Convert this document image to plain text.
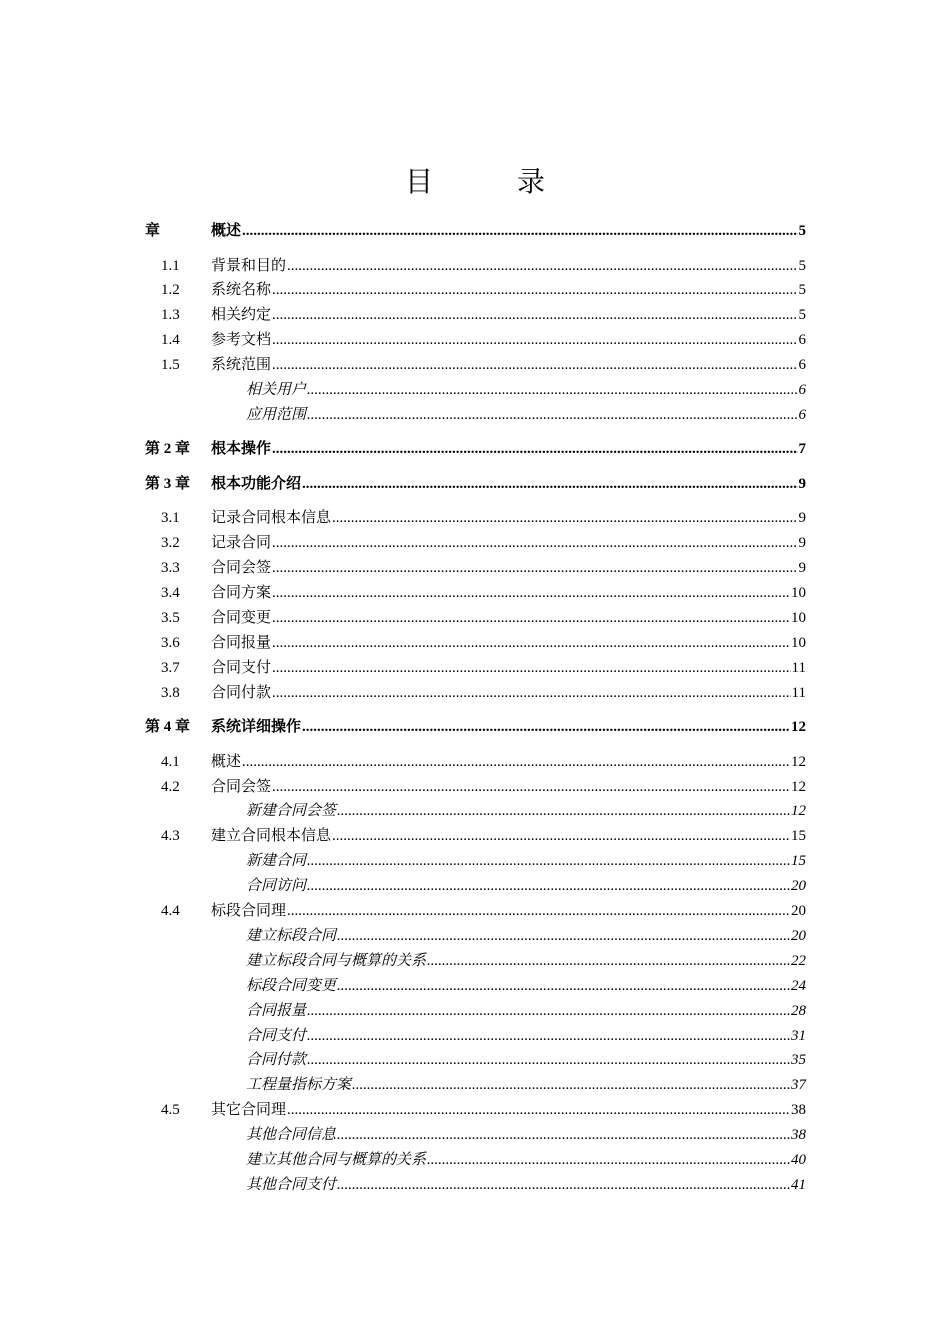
目　录
章	概述 .....	5
1.1 背景和目的 .....	5
1.2 系统名称 .....	5
1.3 相关约定 .....	5
1.4 参考文档 .....	6
1.5 系统范围 .....	6
相关用户 .....	6
应用范围 .....	6
第 2 章 根本操作 .....	7
第 3 章 根本功能介绍 .....	9
3.1 记录合同根本信息 .....	9
3.2 记录合同 .....	9
3.3 合同会签 .....	9
3.4 合同方案 .....	10
3.5 合同变更 .....	10
3.6 合同报量 .....	10
3.7 合同支付 .....	11
3.8 合同付款 .....	11
第 4 章 系统详细操作 .....	12
4.1 概述 .....	12
4.2 合同会签 .....	12
新建合同会签 .....	12
4.3 建立合同根本信息 .....	15
新建合同 .....	15
合同访问 .....	20
4.4 标段合同理 .....	20
建立标段合同 .....	20
建立标段合同与概算的关系 .....	22
标段合同变更 .....	24
合同报量 .....	28
合同支付 .....	31
合同付款 .....	35
工程量指标方案 .....	37
4.5 其它合同理 .....	38
其他合同信息 .....	38
建立其他合同与概算的关系 .....	40
其他合同支付 .....	41
